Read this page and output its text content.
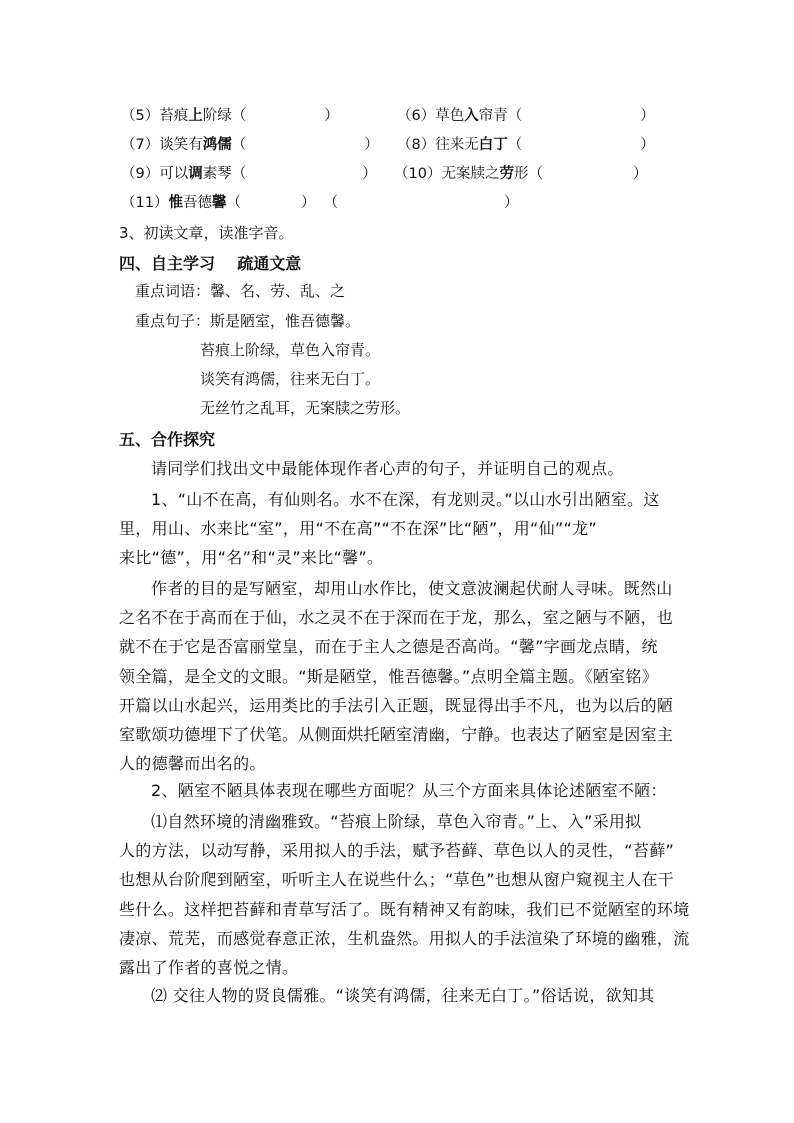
（5）苔痕上阶绿（	）	（6）草色入帘青（	）
（7）谈笑有鸿儒（	） （8）往来无白丁（	）
（9）可以调素琴（	） （10）无案牍之劳形（	）
（11）惟吾德馨（	） （	）
3、初读文章，读准字音。
四、自主学习    疏通文意
重点词语：馨、名、劳、乱、之
重点句子：斯是陋室，惟吾德馨。
苔痕上阶绿，草色入帘青。
谈笑有鸿儒，往来无白丁。
无丝竹之乱耳，无案牍之劳形。
五、合作探究
请同学们找出文中最能体现作者心声的句子，并证明自己的观点。
1、“山不在高，有仙则名。水不在深，有龙则灵。”以山水引出陋室。这
里，用山、水来比“室”，用“不在高”“不在深”比“陋”，用“仙”“龙”
来比“德”，用“名”和“灵”来比“馨”。
作者的目的是写陋室，却用山水作比，使文意波澜起伏耐人寻味。既然山
之名不在于高而在于仙，水之灵不在于深而在于龙，那么，室之陋与不陋，也
就不在于它是否富丽堂皇，而在于主人之德是否高尚。“馨”字画龙点睛，统
领全篇，是全文的文眼。“斯是陋堂，惟吾德馨。”点明全篇主题。《陋室铭》
开篇以山水起兴，运用类比的手法引入正题，既显得出手不凡，也为以后的陋
室歌颂功德埋下了伏笔。从侧面烘托陋室清幽，宁静。也表达了陋室是因室主
人的德馨而出名的。
2、陋室不陋具体表现在哪些方面呢？从三个方面来具体论述陋室不陋：
⑴自然环境的清幽雅致。“苔痕上阶绿，草色入帘青。”上、入”采用拟
人的方法，以动写静，采用拟人的手法，赋予苔藓、草色以人的灵性，“苔藓”
也想从台阶爬到陋室，听听主人在说些什么；“草色”也想从窗户窥视主人在干
些什么。这样把苔藓和青草写活了。既有精神又有韵味，我们已不觉陋室的环境
凄凉、荒芜，而感觉春意正浓，生机盎然。用拟人的手法渲染了环境的幽雅，流
露出了作者的喜悦之情。
⑵ 交往人物的贤良儒雅。“谈笑有鸿儒，往来无白丁。”俗话说，欲知其
